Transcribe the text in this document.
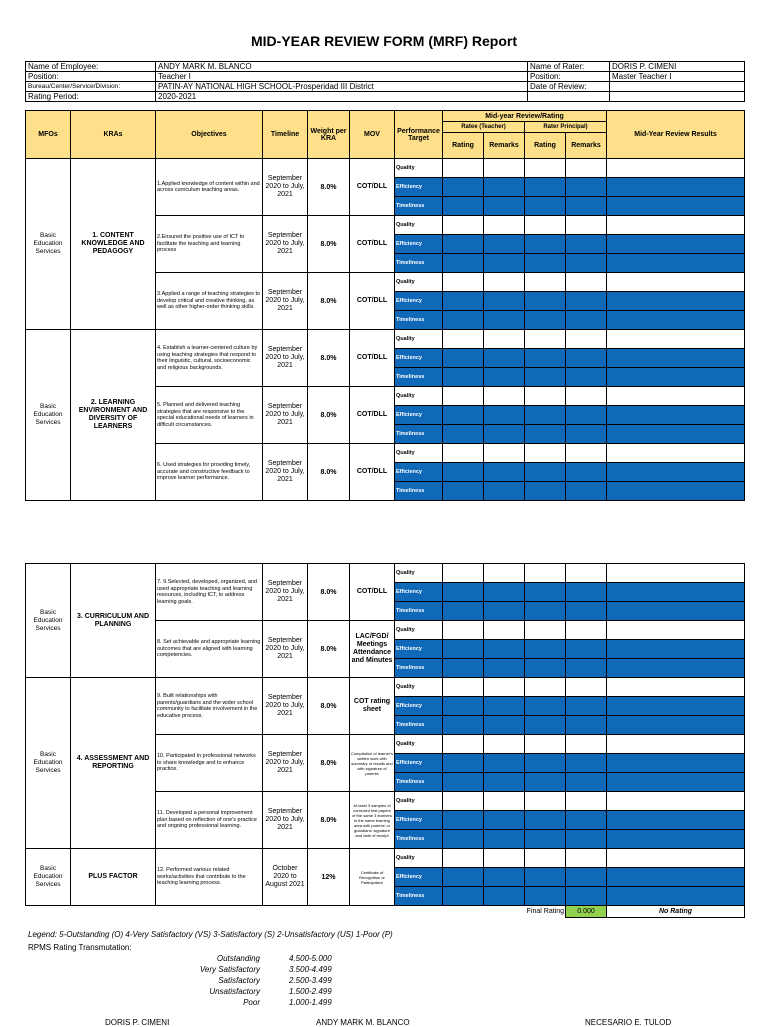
MID-YEAR REVIEW FORM (MRF) Report
Name of Employee:	ANDY MARK M. BLANCO	Name of Rater:	DORIS P. CIMENI
Position:	Teacher I	Position:	Master Teacher I
Bureau/Center/Service/Division:	PATIN-AY NATIONAL HIGH SCHOOL-Prosperidad III District	Date of Review:	
Rating Period:	2020-2021		
MFOs	KRAs	Objectives	Timeline	Weight per KRA	MOV	Performance Target	Mid-year Review/Rating				Mid-Year Review Results
							Ratee (Teacher)		Rater Principal)		
							Rating	Remarks	Rating	Remarks	
Basic Education Services	1. CONTENT KNOWLEDGE AND PEDAGOGY	1.Applied knowledge of content within and across curriculum teaching areas.	September 2020 to July, 2021	8.0%	COT/DLL	Quality					
						Efficiency					
						Timeliness					
		2.Ensured the positive use of ICT to facilitate the teaching and learning process	September 2020 to July, 2021	8.0%	COT/DLL	Quality					
						Efficiency					
						Timeliness					
		3.Applied a range of teaching strategies to develop critical and creative thinking, as well as other higher-order thinking skills.	September 2020 to July, 2021	8.0%	COT/DLL	Quality					
						Efficiency					
						Timeliness					
Basic Education Services	2. LEARNING ENVIRONMENT AND DIVERSITY OF LEARNERS	4. Establish a learner-centered culture by using teaching strategies that respond to their linguistic, cultural, socioeconomic and religious backgrounds.	September 2020 to July, 2021	8.0%	COT/DLL	Quality					
						Efficiency					
						Timeliness					
		5. Planned and delivered teaching strategies that are responsive to the special educational needs of learners in difficult circumstances.	September 2020 to July, 2021	8.0%	COT/DLL	Quality					
						Efficiency					
						Timeliness					
		6. Used strategies for providing timely, accurate and constructive feedback to improve learner performance.	September 2020 to July, 2021	8.0%	COT/DLL	Quality					
						Efficiency					
						Timeliness					
Basic Education Services	3. CURRICULUM AND PLANNING	7. 9.Selected, developed, organized, and used appropriate teaching and learning resources, including ICT, to address learning goals.	September 2020 to July, 2021	8.0%	COT/DLL	Quality					
						Efficiency					
						Timeliness					
		8. Set achievable and appropriate learning outcomes that are aligned with learning competencies.	September 2020 to July, 2021	8.0%	LAC/FGD/ Meetings Attendance and Minutes	Quality					
						Efficiency					
						Timeliness					
Basic Education Services	4. ASSESSMENT AND REPORTING	9. Built relationships with parents/guardians and the wider school community to facilitate involvement in the educative process.	September 2020 to July, 2021	8.0%	COT rating sheet	Quality					
						Efficiency					
						Timeliness					
		10. Participated in professional networks to share knowledge and to enhance practice.	September 2020 to July, 2021	8.0%	Compilation of learner's written work with summary of results and with signature of parents	Quality					
						Efficiency					
						Timeliness					
		11. Developed a personal improvement plan based on reflection of one's practice and ongoing professional learning.	September 2020 to July, 2021	8.0%	At least 3 samples of corrected test papers of the same 3 learners in the same learning area with parents' or guardians' signature and date of receipt	Quality					
						Efficiency					
						Timeliness					
Basic Education Services	PLUS FACTOR	12. Performed various related works/activities that contribute to the teaching learning process.	October 2020 to August 2021	12%	Certificate of Recognition or Participation	Quality					
						Efficiency					
						Timeliness					
									Final Rating	0.000	No Rating
Legend: 5-Outstanding (O) 4-Very Satisfactory (VS) 3-Satisfactory (S) 2-Unsatisfactory (US) 1-Poor (P)
RPMS Rating Transmutation:
Outstanding	4.500-5.000
Very Satisfactory	3.500-4.499
Satisfactory	2.500-3.499
Unsatisfactory	1.500-2.499
Poor	1.000-1.499
DORIS P. CIMENI	ANDY MARK M. BLANCO	NECESARIO E. TULOD
